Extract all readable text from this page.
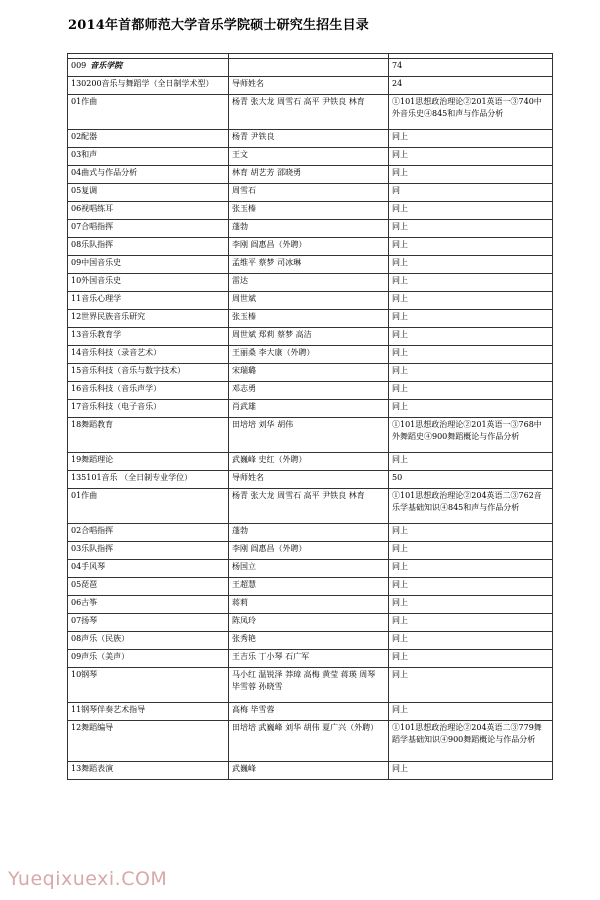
2014年首都师范大学音乐学院硕士研究生招生目录

009 音乐学院		74
130200音乐与舞蹈学（全日制学术型）	导师姓名	24
01作曲	杨青 张大龙 周雪石 高平 尹铁良 林育	①101思想政治理论②201英语一③740中外音乐史④845和声与作品分析
02配器	杨青 尹铁良	同上
03和声	王文	同上
04曲式与作品分析	林育 胡艺芳 邵晓勇	同上
05复调	周雪石	同
06视唱练耳	张玉榛	同上
07合唱指挥	蓬勃	同上
08乐队指挥	李刚 阎惠昌（外聘）	同上
09中国音乐史	孟维平 蔡梦 司冰琳	同上
10外国音乐史	雷达	同上
11音乐心理学	周世斌	同上
12世界民族音乐研究	张玉榛	同上
13音乐教育学	周世斌 郑莉 蔡梦 高洁	同上
14音乐科技（录音艺术）	王丽桑 李大康（外聘）	同上
15音乐科技（音乐与数字技术）	宋瑞璐	同上
16音乐科技（音乐声学）	邓志勇	同上
17音乐科技（电子音乐）	肖武雄	同上
18舞蹈教育	田培培 刘华 胡伟	①101思想政治理论②201英语一③768中外舞蹈史④900舞蹈概论与作品分析
19舞蹈理论	武巍峰 史红（外聘）	同上
135101音乐 （全日制专业学位）	导师姓名	50
01作曲	杨青 张大龙 周雪石 高平 尹铁良 林育	①101思想政治理论②204英语二③762音乐学基础知识④845和声与作品分析
02合唱指挥	蓬勃	同上
03乐队指挥	李刚 阎惠昌（外聘）	同上
04手风琴	杨国立	同上
05琵琶	王超慧	同上
06古筝	蒋莉	同上
07扬琴	陈凤玲	同上
08声乐（民族）	张秀艳	同上
09声乐（美声）	王吉乐 丁小琴 石广军	同上
10钢琴	马小红 温锐泽 莽璋 高梅 黄莹 蒋瑛 周琴 毕雪蓉 孙晓雪	同上
11钢琴伴奏艺术指导	高梅 毕雪蓉	同上
12舞蹈编导	田培培 武巍峰 刘华 胡伟 夏广兴（外聘）	①101思想政治理论②204英语二③779舞蹈学基础知识④900舞蹈概论与作品分析
13舞蹈表演	武巍峰	同上
Yueqixuexi.COM
